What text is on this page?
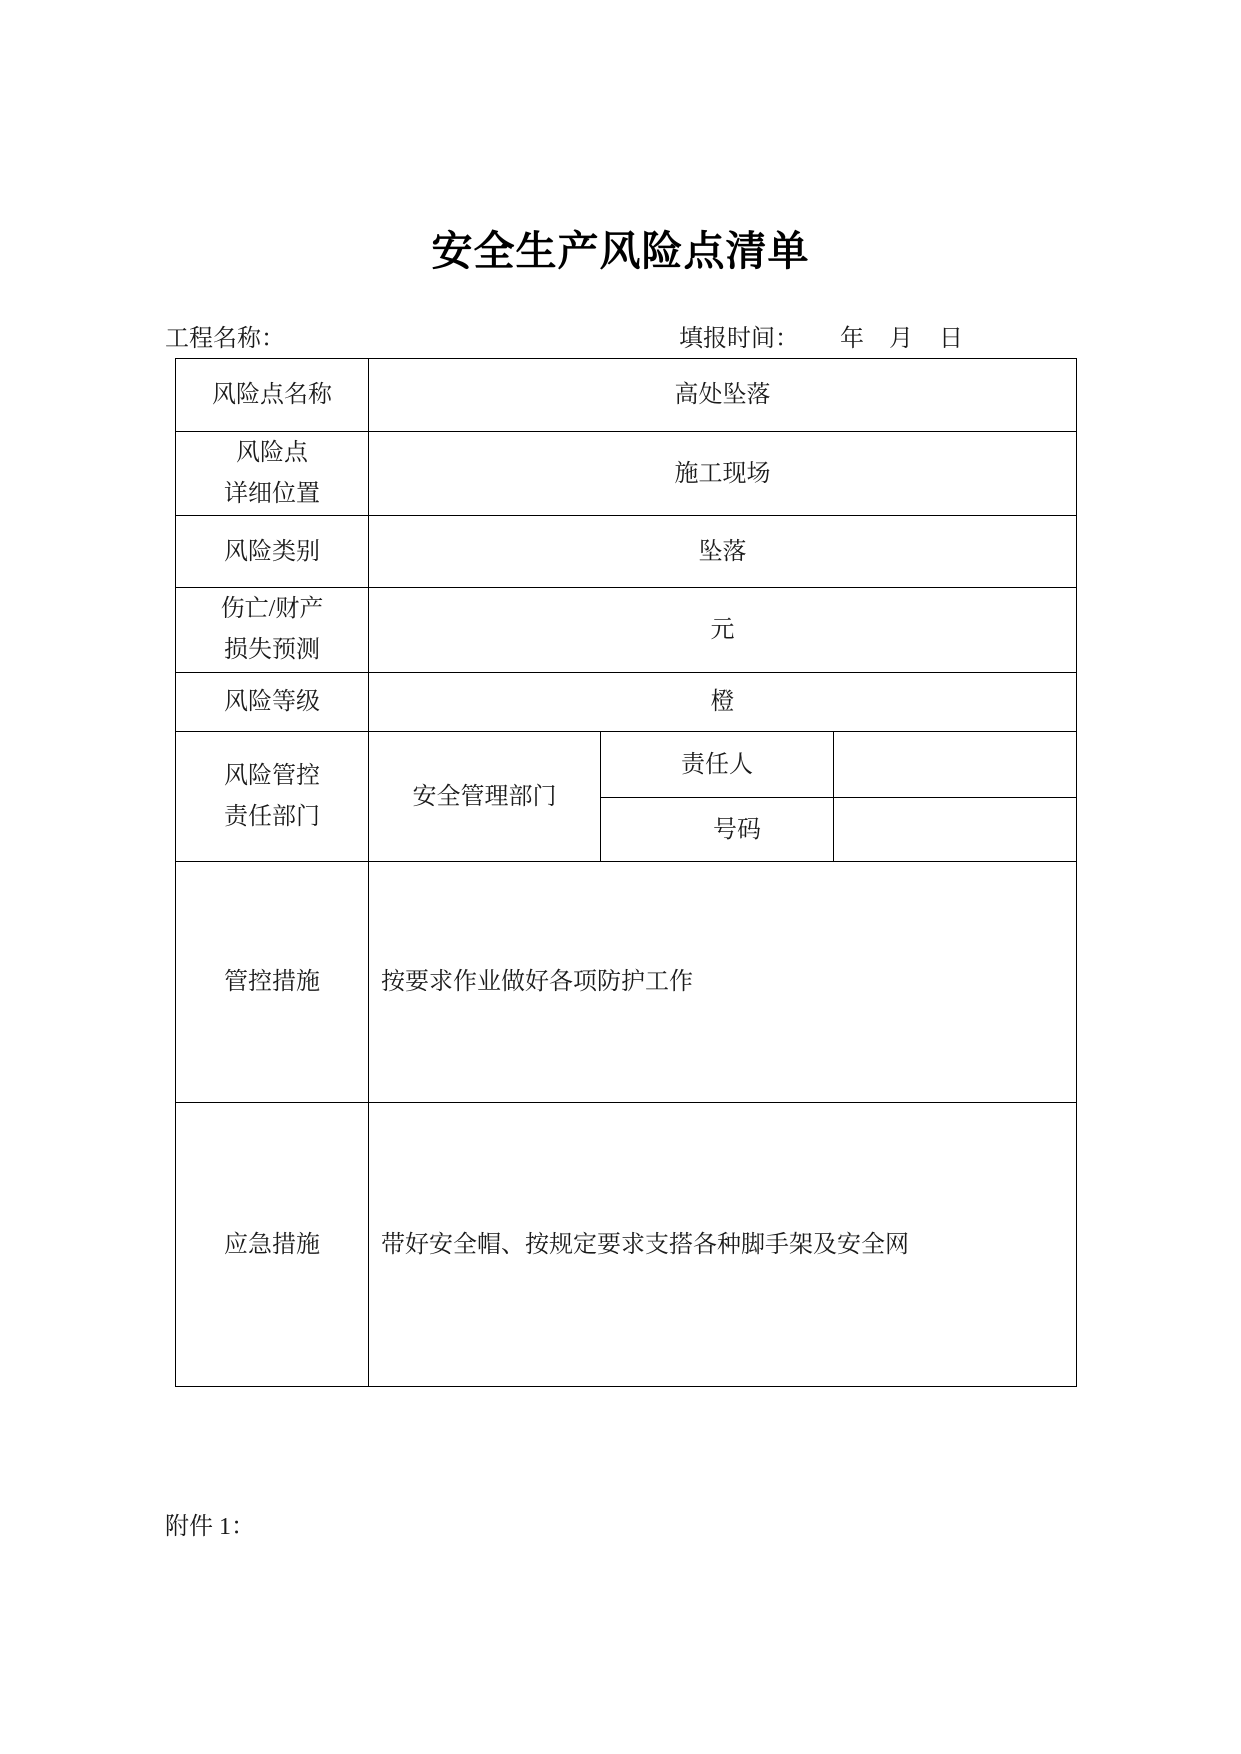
安全生产风险点清单
工程名称：	填报时间： 年 月 日
风险点名称	高处坠落		

风险点
详细位置	施工现场		
风险类别	坠落		

伤亡/财产
损失预测	元		
风险等级	橙		

风险管控
责任部门	安全管理部门	责任人	
		号码	
管控措施	按要求作业做好各项防护工作		
应急措施	带好安全帽、按规定要求支搭各种脚手架及安全网		
附件 1：
